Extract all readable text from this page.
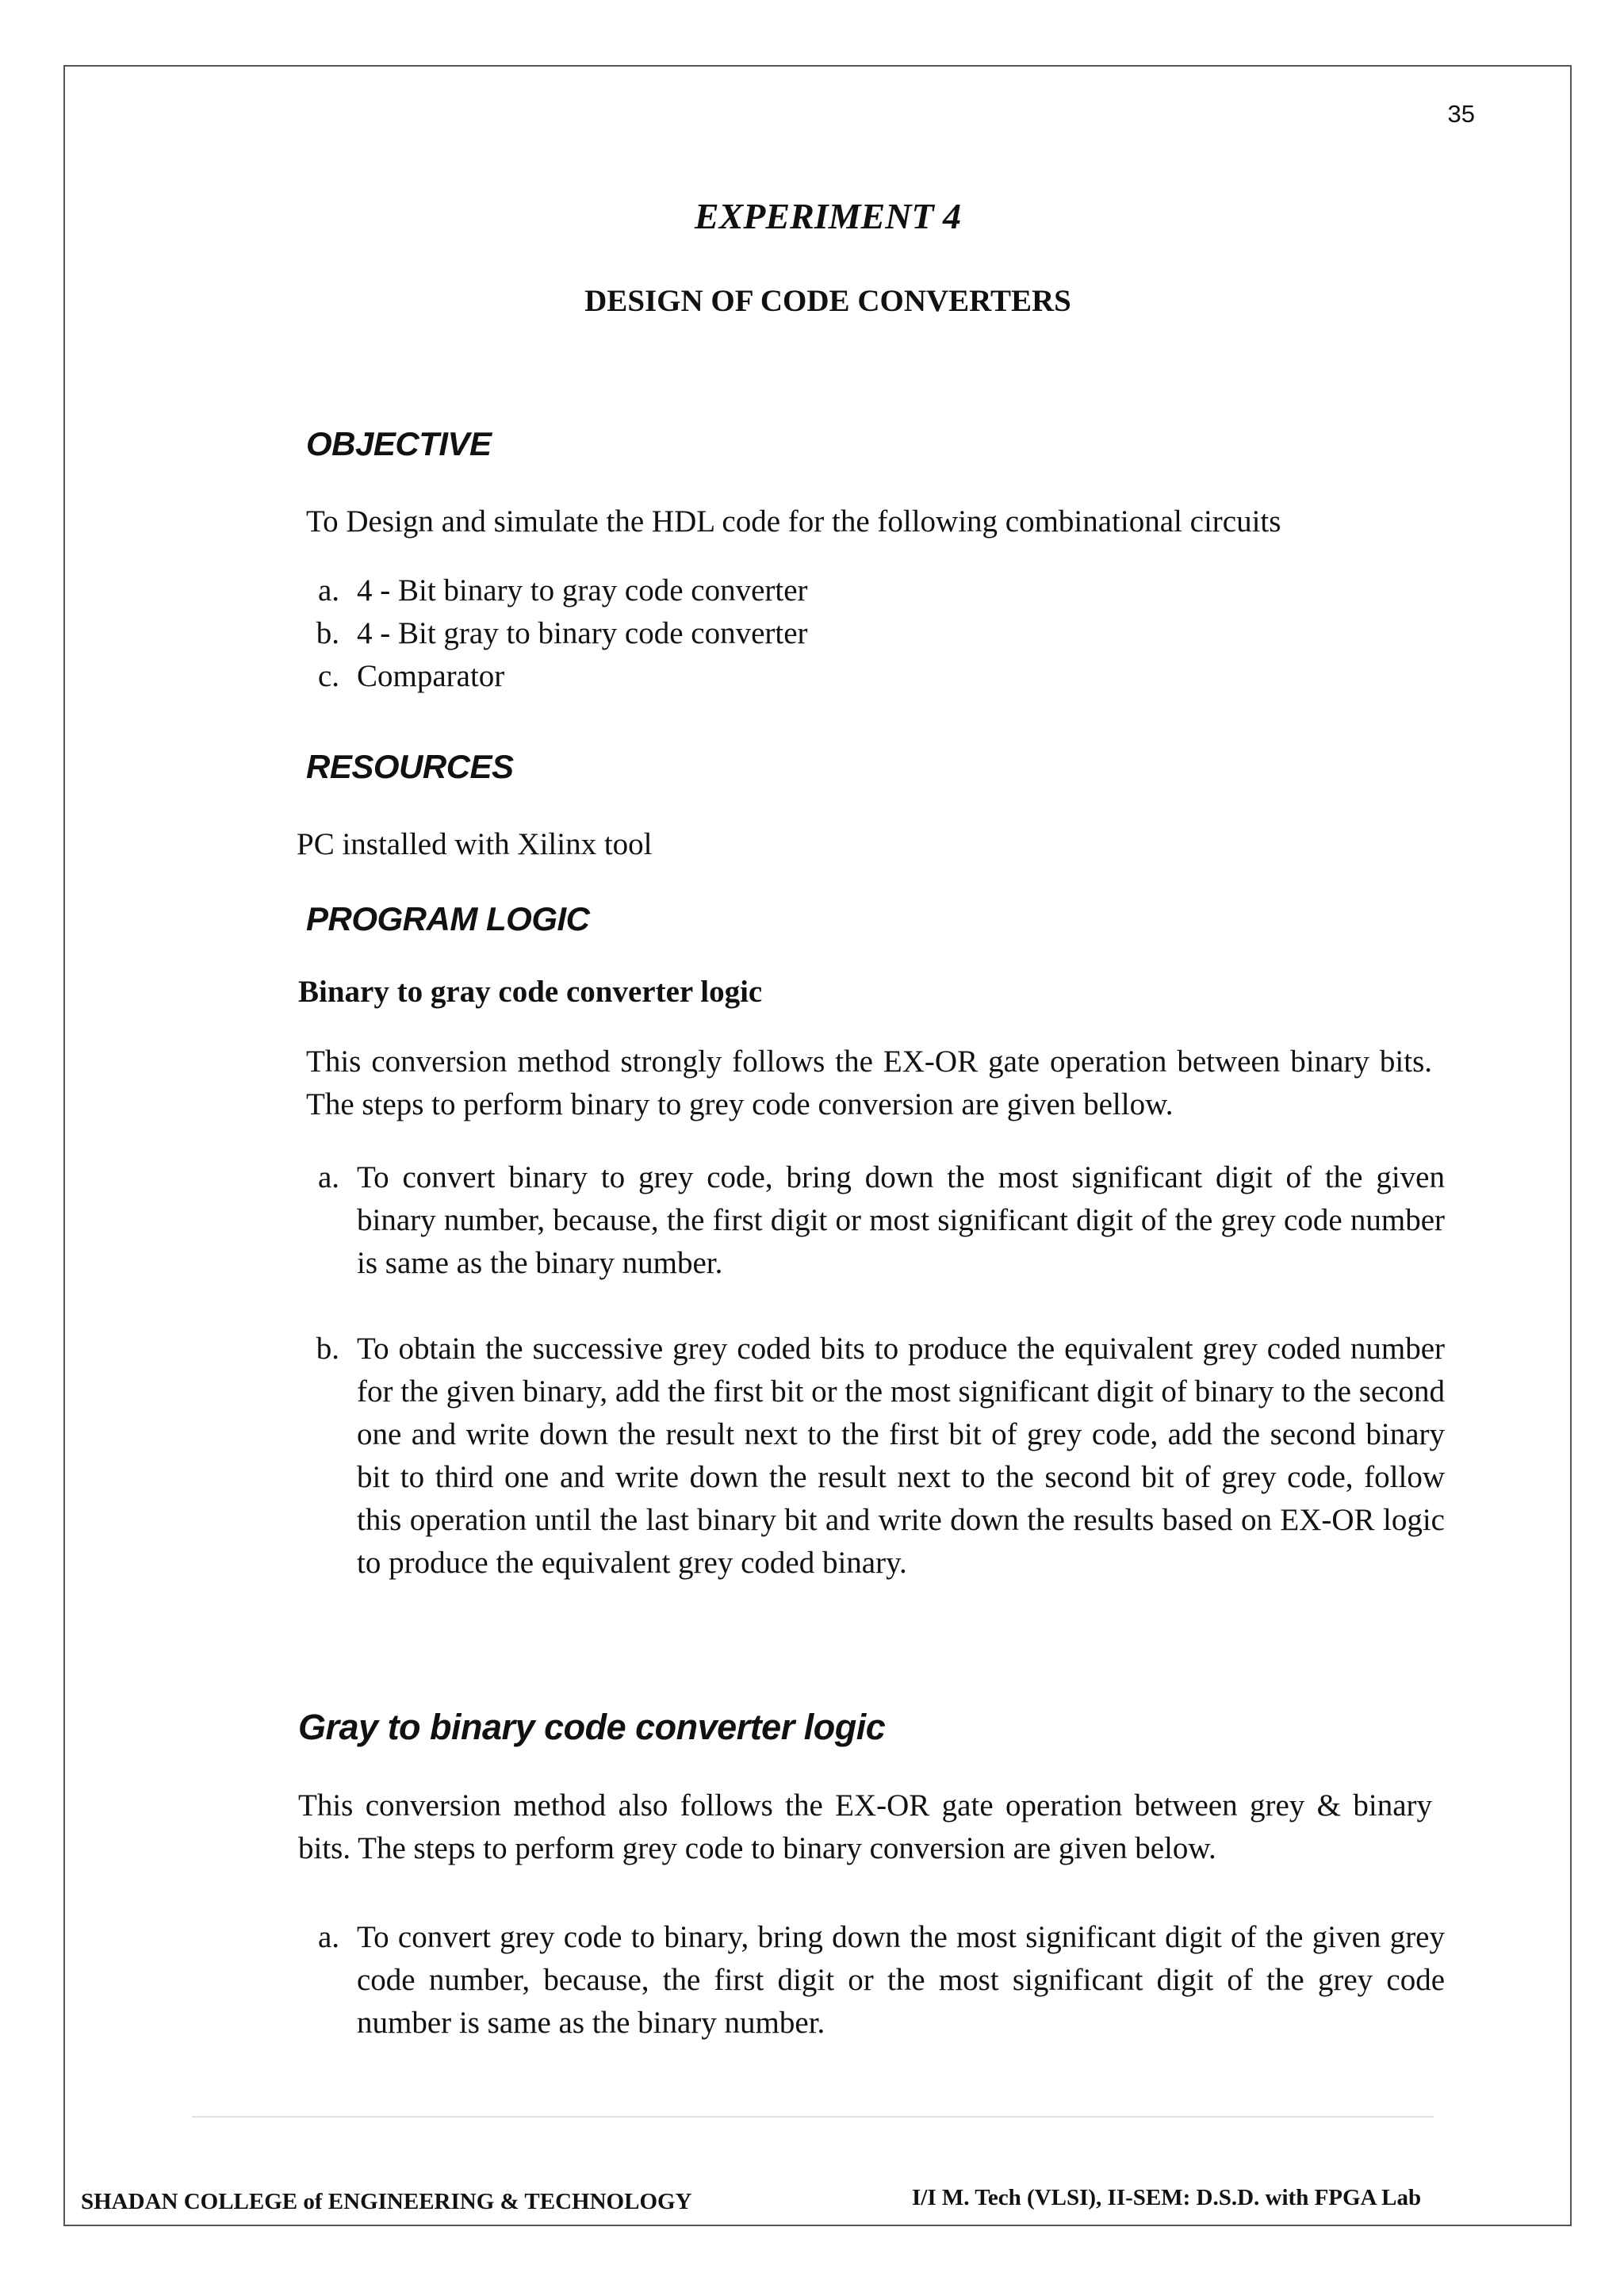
35
EXPERIMENT 4
DESIGN OF CODE CONVERTERS
OBJECTIVE
To Design and simulate the HDL code for the following combinational circuits
a. 4 - Bit binary to gray code converter
b. 4 - Bit gray to binary code converter
c. Comparator
RESOURCES
PC installed with Xilinx tool
PROGRAM LOGIC
Binary to gray code converter logic
This conversion method strongly follows the EX-OR gate operation between binary bits. The steps to perform binary to grey code conversion are given bellow.
a. To convert binary to grey code, bring down the most significant digit of the given binary number, because, the first digit or most significant digit of the grey code number is same as the binary number.
b. To obtain the successive grey coded bits to produce the equivalent grey coded number for the given binary, add the first bit or the most significant digit of binary to the second one and write down the result next to the first bit of grey code, add the second binary bit to third one and write down the result next to the second bit of grey code, follow this operation until the last binary bit and write down the results based on EX-OR logic to produce the equivalent grey coded binary.
Gray to binary code converter logic
This conversion method also follows the EX-OR gate operation between grey & binary bits. The steps to perform grey code to binary conversion are given below.
a. To convert grey code to binary, bring down the most significant digit of the given grey code number, because, the first digit or the most significant digit of the grey code number is same as the binary number.
SHADAN COLLEGE of ENGINEERING & TECHNOLOGY	I/I M. Tech (VLSI), II-SEM: D.S.D. with FPGA Lab
